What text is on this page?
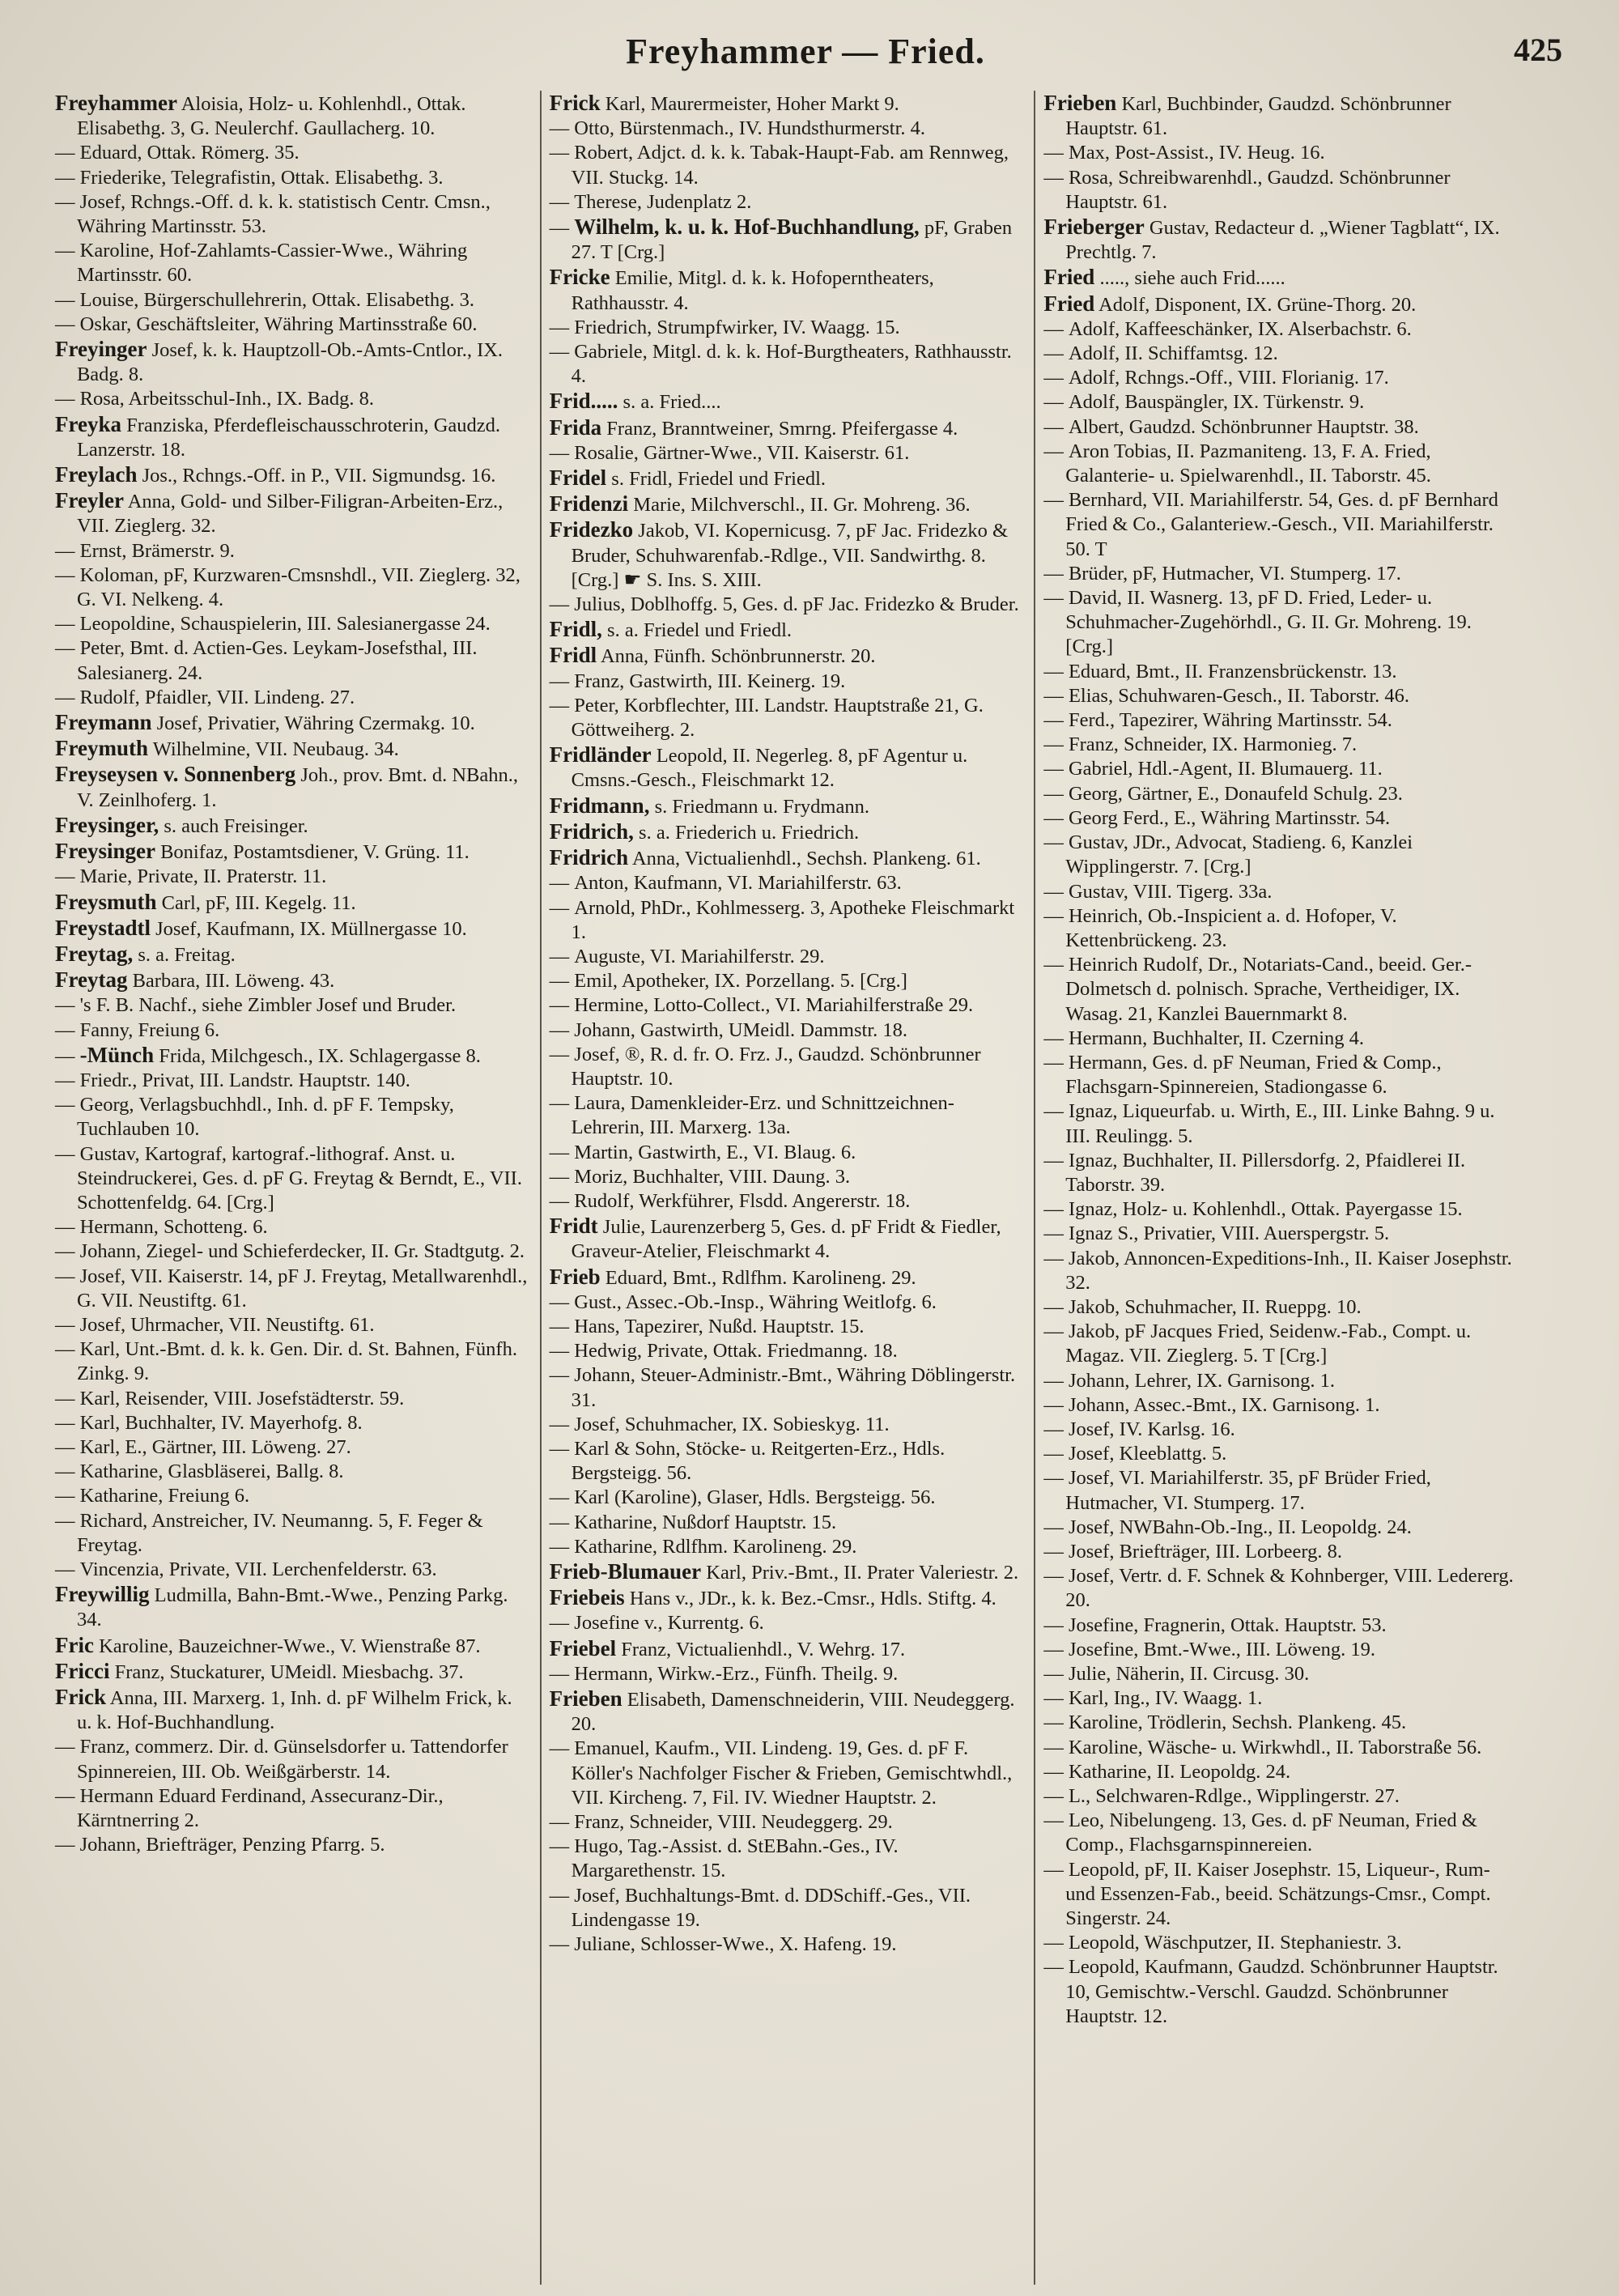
Freyhammer — Fried.	425
Freyhammer Aloisia, Holz- u. Kohlenhdl., Ottak. Elisabethg. 3, G. Neulerchf. Gaullacherg. 10.
— Eduard, Ottak. Römerg. 35.
— Friederike, Telegrafistin, Ottak. Elisabethg. 3.
— Josef, Rchngs.-Off. d. k. k. statistisch Centr. Cmsn., Währing Martinsstr. 53.
— Karoline, Hof-Zahlamts-Cassier-Wwe., Währing Martinsstr. 60.
— Louise, Bürgerschullehrerin, Ottak. Elisabethg. 3.
— Oskar, Geschäftsleiter, Währing Martinsstraße 60.
Freyinger Josef, k. k. Hauptzoll-Ob.-Amts-Cntlor., IX. Badg. 8.
— Rosa, Arbeitsschul-Inh., IX. Badg. 8.
Freyka Franziska, Pferdefleischausschroterin, Gaudzd. Lanzerstr. 18.
Freylach Jos., Rchngs.-Off. in P., VII. Sigmundsg. 16.
Freyler Anna, Gold- und Silber-Filigran-Arbeiten-Erz., VII. Zieglerg. 32.
— Ernst, Brämerstr. 9.
— Koloman, pF, Kurzwaren-Cmsnshdl., VII. Zieglerg. 32, G. VI. Nelkeng. 4.
— Leopoldine, Schauspielerin, III. Salesianergasse 24.
— Peter, Bmt. d. Actien-Ges. Leykam-Josefsthal, III. Salesianerg. 24.
— Rudolf, Pfaidler, VII. Lindeng. 27.
Freymann Josef, Privatier, Währing Czermakg. 10.
Freymuth Wilhelmine, VII. Neubaug. 34.
Freyseysen v. Sonnenberg Joh., prov. Bmt. d. NBahn., V. Zeinlhoferg. 1.
Freysinger, s. auch Freisinger.
Freysinger Bonifaz, Postamtsdiener, V. Grüng. 11.
— Marie, Private, II. Praterstr. 11.
Freysmuth Carl, pF, III. Kegelg. 11.
Freystadtl Josef, Kaufmann, IX. Müllnergasse 10.
Freytag, s. a. Freitag.
Freytag Barbara, III. Löweng. 43.
— 's F. B. Nachf., siehe Zimbler Josef und Bruder.
— Fanny, Freiung 6.
— -Münch Frida, Milchgesch., IX. Schlagergasse 8.
— Friedr., Privat, III. Landstr. Hauptstr. 140.
— Georg, Verlagsbuchhdl., Inh. d. pF F. Tempsky, Tuchlauben 10.
— Gustav, Kartograf, kartograf.-lithograf. Anst. u. Steindruckerei, Ges. d. pF G. Freytag & Berndt, E., VII. Schottenfeldg. 64. [Crg.]
— Hermann, Schotteng. 6.
— Johann, Ziegel- und Schieferdecker, II. Gr. Stadtgutg. 2.
— Josef, VII. Kaiserstr. 14, pF J. Freytag, Metallwarenhdl., G. VII. Neustiftg. 61.
— Josef, Uhrmacher, VII. Neustiftg. 61.
— Karl, Unt.-Bmt. d. k. k. Gen. Dir. d. St. Bahnen, Fünfh. Zinkg. 9.
— Karl, Reisender, VIII. Josefstädterstr. 59.
— Karl, Buchhalter, IV. Mayerhofg. 8.
— Karl, E., Gärtner, III. Löweng. 27.
— Katharine, Glasbläserei, Ballg. 8.
— Katharine, Freiung 6.
— Richard, Anstreicher, IV. Neumanng. 5, F. Feger & Freytag.
— Vincenzia, Private, VII. Lerchenfelderstr. 63.
Freywillig Ludmilla, Bahn-Bmt.-Wwe., Penzing Parkg. 34.
Fric Karoline, Bauzeichner-Wwe., V. Wienstraße 87.
Fricci Franz, Stuckaturer, UMeidl. Miesbachg. 37.
Frick Anna, III. Marxerg. 1, Inh. d. pF Wilhelm Frick, k. u. k. Hof-Buchhandlung.
— Franz, commerz. Dir. d. Günselsdorfer u. Tattendorfer Spinnereien, III. Ob. Weißgärberstr. 14.
— Hermann Eduard Ferdinand, Assecuranz-Dir., Kärntnerring 2.
— Johann, Briefträger, Penzing Pfarrg. 5.
Frick Karl, Maurermeister, Hoher Markt 9.
— Otto, Bürstenmach., IV. Hundsthurmerstr. 4.
— Robert, Adjct. d. k. k. Tabak-Haupt-Fab. am Rennweg, VII. Stuckg. 14.
— Therese, Judenplatz 2.
— Wilhelm, k. u. k. Hof-Buchhandlung, pF, Graben 27. T [Crg.]
Fricke Emilie, Mitgl. d. k. k. Hofoperntheaters, Rathhausstr. 4.
— Friedrich, Strumpfwirker, IV. Waagg. 15.
— Gabriele, Mitgl. d. k. k. Hof-Burgtheaters, Rathhausstr. 4.
Frid..... s. a. Fried....
Frida Franz, Branntweiner, Smrng. Pfeifergasse 4.
— Rosalie, Gärtner-Wwe., VII. Kaiserstr. 61.
Fridel s. Fridl, Friedel und Friedl.
Fridenzi Marie, Milchverschl., II. Gr. Mohreng. 36.
Fridezko Jakob, VI. Kopernicusg. 7, pF Jac. Fridezko & Bruder, Schuhwarenfab.-Rdlge., VII. Sandwirthg. 8. [Crg.] ☛ S. Ins. S. XIII.
— Julius, Doblhoffg. 5, Ges. d. pF Jac. Fridezko & Bruder.
Fridl, s. a. Friedel und Friedl.
Fridl Anna, Fünfh. Schönbrunnerstr. 20.
— Franz, Gastwirth, III. Keinerg. 19.
— Peter, Korbflechter, III. Landstr. Hauptstraße 21, G. Göttweiherg. 2.
Fridländer Leopold, II. Negerleg. 8, pF Agentur u. Cmsns.-Gesch., Fleischmarkt 12.
Fridmann, s. Friedmann u. Frydmann.
Fridrich, s. a. Friederich u. Friedrich.
Fridrich Anna, Victualienhdl., Sechsh. Plankeng. 61.
— Anton, Kaufmann, VI. Mariahilferstr. 63.
— Arnold, PhDr., Kohlmesserg. 3, Apotheke Fleischmarkt 1.
— Auguste, VI. Mariahilferstr. 29.
— Emil, Apotheker, IX. Porzellang. 5. [Crg.]
— Hermine, Lotto-Collect., VI. Mariahilferstraße 29.
— Johann, Gastwirth, UMeidl. Dammstr. 18.
— Josef, ®, R. d. fr. O. Frz. J., Gaudzd. Schönbrunner Hauptstr. 10.
— Laura, Damenkleider-Erz. und Schnittzeichnen-Lehrerin, III. Marxerg. 13a.
— Martin, Gastwirth, E., VI. Blaug. 6.
— Moriz, Buchhalter, VIII. Daung. 3.
— Rudolf, Werkführer, Flsdd. Angererstr. 18.
Fridt Julie, Laurenzerberg 5, Ges. d. pF Fridt & Fiedler, Graveur-Atelier, Fleischmarkt 4.
Frieb Eduard, Bmt., Rdlfhm. Karolineng. 29.
— Gust., Assec.-Ob.-Insp., Währing Weitlofg. 6.
— Hans, Tapezirer, Nußd. Hauptstr. 15.
— Hedwig, Private, Ottak. Friedmanng. 18.
— Johann, Steuer-Administr.-Bmt., Währing Döblingerstr. 31.
— Josef, Schuhmacher, IX. Sobieskyg. 11.
— Karl & Sohn, Stöcke- u. Reitgerten-Erz., Hdls. Bergsteigg. 56.
— Karl (Karoline), Glaser, Hdls. Bergsteigg. 56.
— Katharine, Nußdorf Hauptstr. 15.
— Katharine, Rdlfhm. Karolineng. 29.
Frieb-Blumauer Karl, Priv.-Bmt., II. Prater Valeriestr. 2.
Friebeis Hans v., JDr., k. k. Bez.-Cmsr., Hdls. Stiftg. 4.
— Josefine v., Kurrentg. 6.
Friebel Franz, Victualienhdl., V. Wehrg. 17.
— Hermann, Wirkw.-Erz., Fünfh. Theilg. 9.
Frieben Elisabeth, Damenschneiderin, VIII. Neudeggerg. 20.
— Emanuel, Kaufm., VII. Lindeng. 19, Ges. d. pF F. Köller's Nachfolger Fischer & Frieben, Gemischtwhdl., VII. Kircheng. 7, Fil. IV. Wiedner Hauptstr. 2.
— Franz, Schneider, VIII. Neudeggerg. 29.
— Hugo, Tag.-Assist. d. StEBahn.-Ges., IV. Margarethenstr. 15.
— Josef, Buchhaltungs-Bmt. d. DDSchiff.-Ges., VII. Lindengasse 19.
— Juliane, Schlosser-Wwe., X. Hafeng. 19.
Frieben Karl, Buchbinder, Gaudzd. Schönbrunner Hauptstr. 61.
— Max, Post-Assist., IV. Heug. 16.
— Rosa, Schreibwarenhdl., Gaudzd. Schönbrunner Hauptstr. 61.
Frieberger Gustav, Redacteur d. „Wiener Tagblatt“, IX. Prechtlg. 7.
Fried ....., siehe auch Frid......
Fried Adolf, Disponent, IX. Grüne-Thorg. 20.
— Adolf, Kaffeeschänker, IX. Alserbachstr. 6.
— Adolf, II. Schiffamtsg. 12.
— Adolf, Rchngs.-Off., VIII. Florianig. 17.
— Adolf, Bauspängler, IX. Türkenstr. 9.
— Albert, Gaudzd. Schönbrunner Hauptstr. 38.
— Aron Tobias, II. Pazmaniteng. 13, F. A. Fried, Galanterie- u. Spielwarenhdl., II. Taborstr. 45.
— Bernhard, VII. Mariahilferstr. 54, Ges. d. pF Bernhard Fried & Co., Galanteriew.-Gesch., VII. Mariahilferstr. 50. T
— Brüder, pF, Hutmacher, VI. Stumperg. 17.
— David, II. Wasnerg. 13, pF D. Fried, Leder- u. Schuhmacher-Zugehörhdl., G. II. Gr. Mohreng. 19. [Crg.]
— Eduard, Bmt., II. Franzensbrückenstr. 13.
— Elias, Schuhwaren-Gesch., II. Taborstr. 46.
— Ferd., Tapezirer, Währing Martinsstr. 54.
— Franz, Schneider, IX. Harmonieg. 7.
— Gabriel, Hdl.-Agent, II. Blumauerg. 11.
— Georg, Gärtner, E., Donaufeld Schulg. 23.
— Georg Ferd., E., Währing Martinsstr. 54.
— Gustav, JDr., Advocat, Stadieng. 6, Kanzlei Wipplingerstr. 7. [Crg.]
— Gustav, VIII. Tigerg. 33a.
— Heinrich, Ob.-Inspicient a. d. Hofoper, V. Kettenbrückeng. 23.
— Heinrich Rudolf, Dr., Notariats-Cand., beeid. Ger.-Dolmetsch d. polnisch. Sprache, Vertheidiger, IX. Wasag. 21, Kanzlei Bauernmarkt 8.
— Hermann, Buchhalter, II. Czerning 4.
— Hermann, Ges. d. pF Neuman, Fried & Comp., Flachsgarn-Spinnereien, Stadiongasse 6.
— Ignaz, Liqueurfab. u. Wirth, E., III. Linke Bahng. 9 u. III. Reulingg. 5.
— Ignaz, Buchhalter, II. Pillersdorfg. 2, Pfaidlerei II. Taborstr. 39.
— Ignaz, Holz- u. Kohlenhdl., Ottak. Payergasse 15.
— Ignaz S., Privatier, VIII. Auerspergstr. 5.
— Jakob, Annoncen-Expeditions-Inh., II. Kaiser Josephstr. 32.
— Jakob, Schuhmacher, II. Rueppg. 10.
— Jakob, pF Jacques Fried, Seidenw.-Fab., Compt. u. Magaz. VII. Zieglerg. 5. T [Crg.]
— Johann, Lehrer, IX. Garnisong. 1.
— Johann, Assec.-Bmt., IX. Garnisong. 1.
— Josef, IV. Karlsg. 16.
— Josef, Kleeblattg. 5.
— Josef, VI. Mariahilferstr. 35, pF Brüder Fried, Hutmacher, VI. Stumperg. 17.
— Josef, NWBahn-Ob.-Ing., II. Leopoldg. 24.
— Josef, Briefträger, III. Lorbeerg. 8.
— Josef, Vertr. d. F. Schnek & Kohnberger, VIII. Ledererg. 20.
— Josefine, Fragnerin, Ottak. Hauptstr. 53.
— Josefine, Bmt.-Wwe., III. Löweng. 19.
— Julie, Näherin, II. Circusg. 30.
— Karl, Ing., IV. Waagg. 1.
— Karoline, Trödlerin, Sechsh. Plankeng. 45.
— Karoline, Wäsche- u. Wirkwhdl., II. Taborstraße 56.
— Katharine, II. Leopoldg. 24.
— L., Selchwaren-Rdlge., Wipplingerstr. 27.
— Leo, Nibelungeng. 13, Ges. d. pF Neuman, Fried & Comp., Flachsgarnspinnereien.
— Leopold, pF, II. Kaiser Josephstr. 15, Liqueur-, Rum- und Essenzen-Fab., beeid. Schätzungs-Cmsr., Compt. Singerstr. 24.
— Leopold, Wäschputzer, II. Stephaniestr. 3.
— Leopold, Kaufmann, Gaudzd. Schönbrunner Hauptstr. 10, Gemischtw.-Verschl. Gaudzd. Schönbrunner Hauptstr. 12.
